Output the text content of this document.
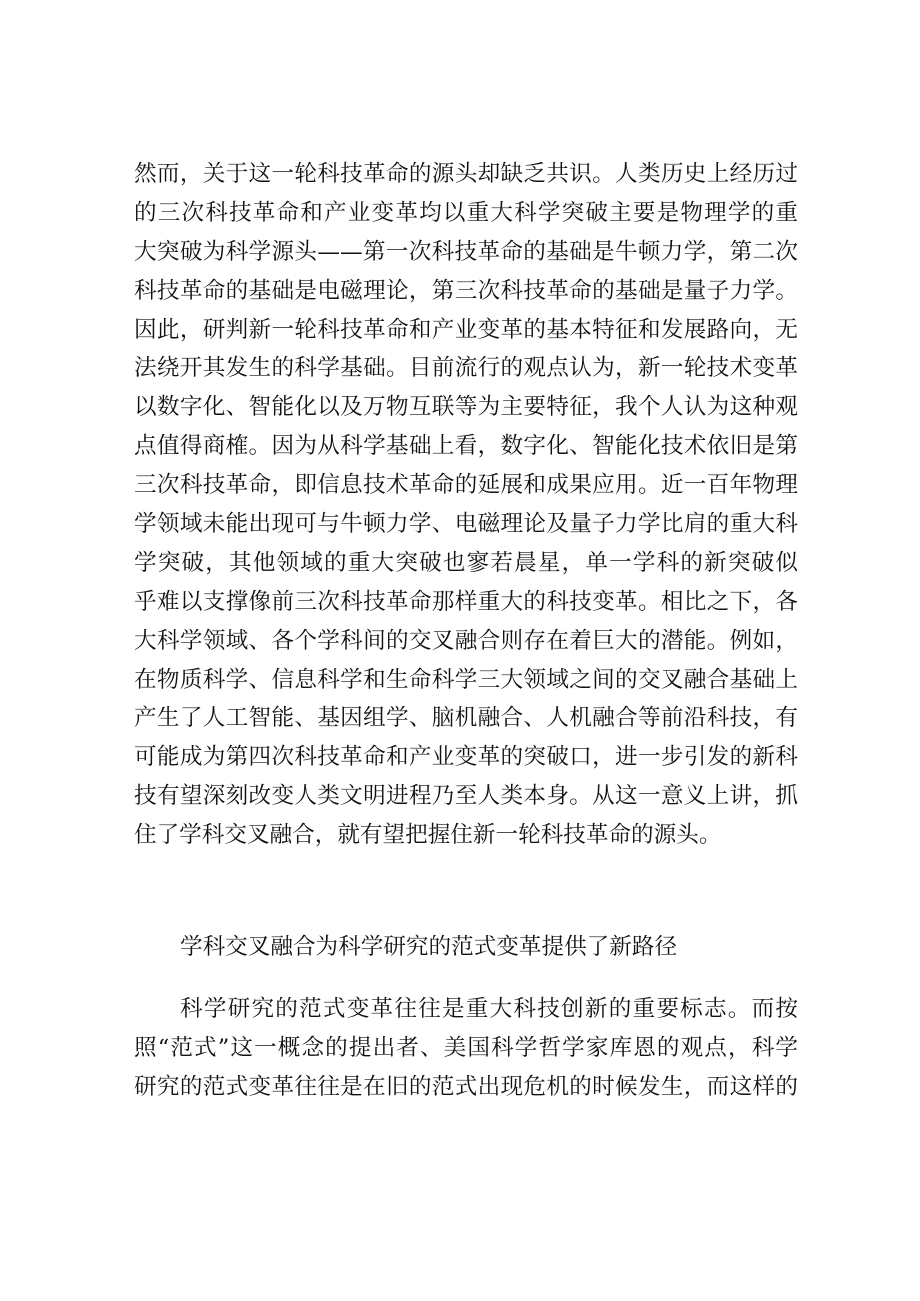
然而，关于这一轮科技革命的源头却缺乏共识。人类历史上经历过
的三次科技革命和产业变革均以重大科学突破主要是物理学的重
大突破为科学源头——第一次科技革命的基础是牛顿力学，第二次
科技革命的基础是电磁理论，第三次科技革命的基础是量子力学。
因此，研判新一轮科技革命和产业变革的基本特征和发展路向，无
法绕开其发生的科学基础。目前流行的观点认为，新一轮技术变革
以数字化、智能化以及万物互联等为主要特征，我个人认为这种观
点值得商榷。因为从科学基础上看，数字化、智能化技术依旧是第
三次科技革命，即信息技术革命的延展和成果应用。近一百年物理
学领域未能出现可与牛顿力学、电磁理论及量子力学比肩的重大科
学突破，其他领域的重大突破也寥若晨星，单一学科的新突破似
乎难以支撑像前三次科技革命那样重大的科技变革。相比之下，各
大科学领域、各个学科间的交叉融合则存在着巨大的潜能。例如，
在物质科学、信息科学和生命科学三大领域之间的交叉融合基础上
产生了人工智能、基因组学、脑机融合、人机融合等前沿科技，有
可能成为第四次科技革命和产业变革的突破口，进一步引发的新科
技有望深刻改变人类文明进程乃至人类本身。从这一意义上讲，抓
住了学科交叉融合，就有望把握住新一轮科技革命的源头。
学科交叉融合为科学研究的范式变革提供了新路径
科学研究的范式变革往往是重大科技创新的重要标志。而按
照“范式”这一概念的提出者、美国科学哲学家库恩的观点，科学
研究的范式变革往往是在旧的范式出现危机的时候发生，而这样的
